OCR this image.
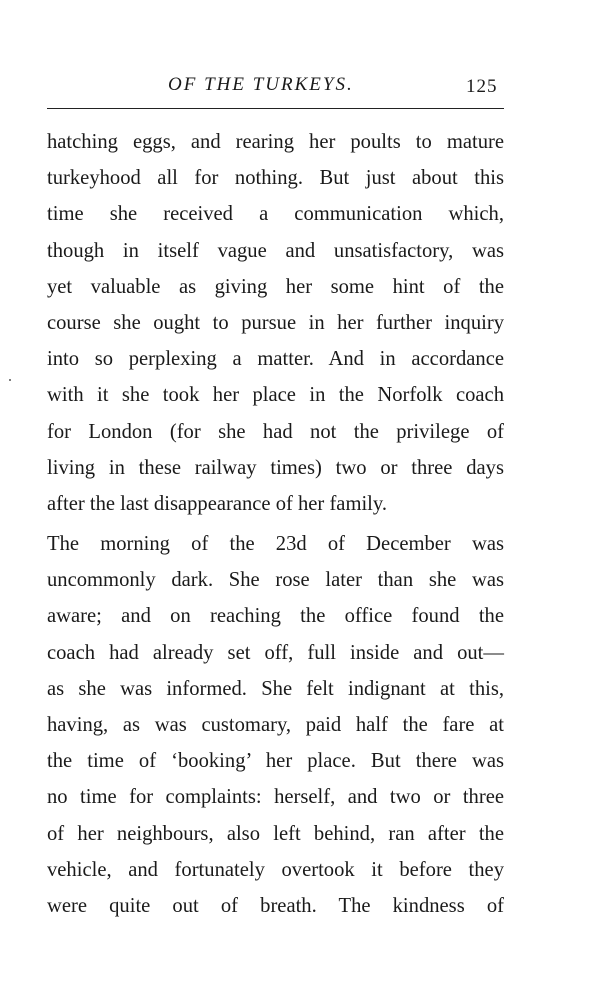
OF THE TURKEYS.	125
hatching eggs, and rearing her poults to mature
turkeyhood all for nothing. But just about this
time she received a communication which,
though in itself vague and unsatisfactory, was
yet valuable as giving her some hint of the
course she ought to pursue in her further inquiry
into so perplexing a matter. And in accordance
with it she took her place in the Norfolk coach
for London (for she had not the privilege of
living in these railway times) two or three days
after the last disappearance of her family.
The morning of the 23d of December was
uncommonly dark. She rose later than she was
aware; and on reaching the office found the
coach had already set off, full inside and out—
as she was informed. She felt indignant at this,
having, as was customary, paid half the fare at
the time of ‘booking’ her place. But there was
no time for complaints: herself, and two or three
of her neighbours, also left behind, ran after the
vehicle, and fortunately overtook it before they
were quite out of breath. The kindness of
